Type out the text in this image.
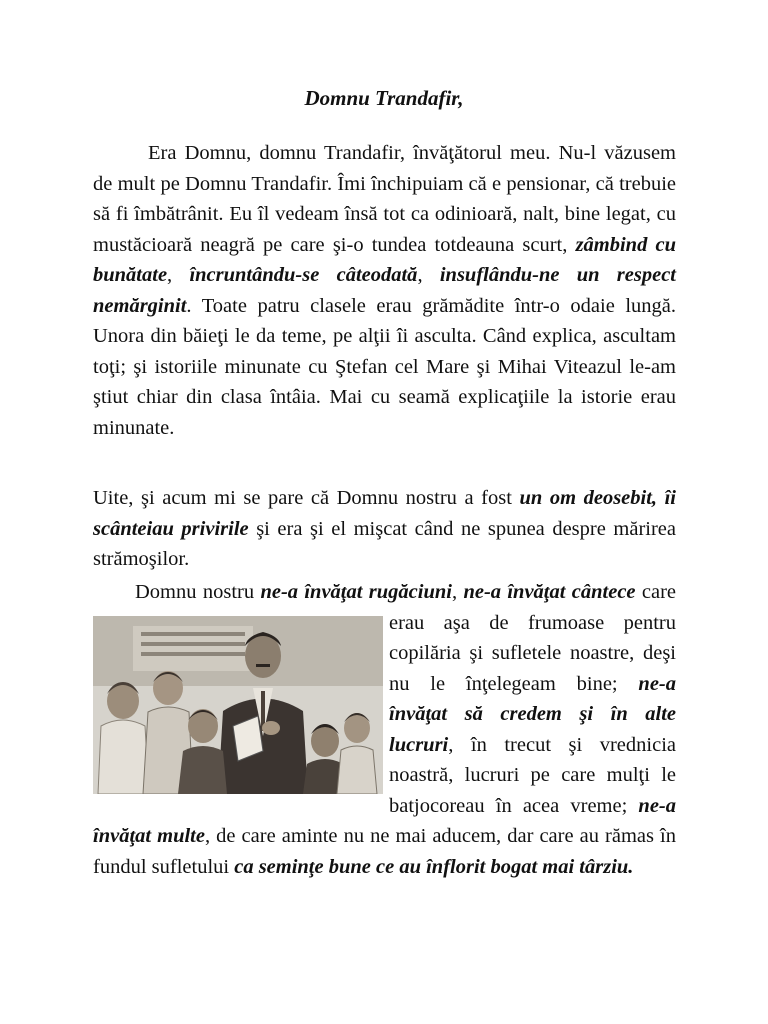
Domnu Trandafir,

Era Domnu, domnu Trandafir, învăţătorul meu. Nu-l văzusem de mult pe Domnu Trandafir. Îmi închipuiam că e pensionar, că trebuie să fi îmbătrânit. Eu îl vedeam însă tot ca odinioară, nalt, bine legat, cu mustăcioară neagră pe care şi-o tundea totdeauna scurt, zâmbind cu bunătate, încruntându-se câteodată, insuflându-ne un respect nemărginit. Toate patru clasele erau grămădite într-o odaie lungă. Unora din băieţi le da teme, pe alţii îi asculta. Când explica, ascultam toţi; şi istoriile minunate cu Ştefan cel Mare şi Mihai Viteazul le-am ştiut chiar din clasa întâia. Mai cu seamă explicaţiile la istorie erau minunate.

Uite, şi acum mi se pare că Domnu nostru a fost un om deosebit, îi scânteiau privirile şi era şi el mişcat când ne spunea despre mărirea strămoşilor.

Domnu nostru ne-a învăţat rugăciuni
, ne-a învăţat cântece care erau aşa de frumoase pentru copilăria şi sufletele noastre, deşi nu le înţelegeam bine; ne-a învăţat să credem şi în alte lucruri, în trecut şi vrednicia noastră, lucruri pe care mulţi le batjocoreau în acea vreme; ne-a învăţat multe, de care aminte nu ne mai aducem, dar care au rămas în fundul sufletului ca seminţe bune ce au înflorit bogat mai târziu.
